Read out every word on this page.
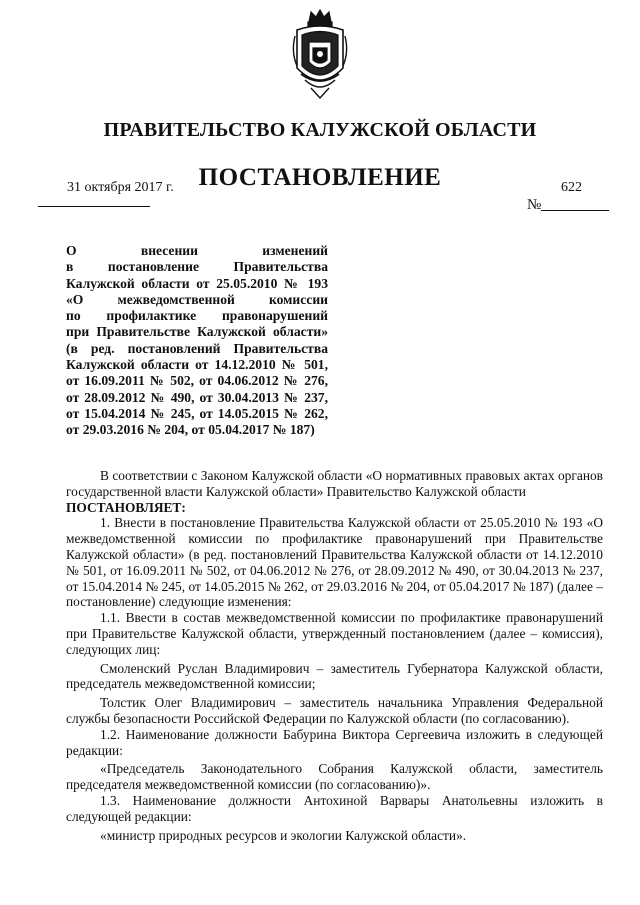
ПРАВИТЕЛЬСТВО КАЛУЖСКОЙ ОБЛАСТИ
ПОСТАНОВЛЕНИЕ
31 октября 2017 г.	622
№
О внесении изменений
в постановление Правительства
Калужской области от 25.05.2010 № 193
«О межведомственной комиссии
по профилактике правонарушений
при Правительстве Калужской области»
(в ред. постановлений Правительства
Калужской области от 14.12.2010 № 501,
от 16.09.2011 № 502, от 04.06.2012 № 276,
от 28.09.2012 № 490, от 30.04.2013 № 237,
от 15.04.2014 № 245, от 14.05.2015 № 262,
от 29.03.2016 № 204, от 05.04.2017 № 187)

В соответствии с Законом Калужской области «О нормативных правовых актах органов государственной власти Калужской области» Правительство Калужской области

ПОСТАНОВЛЯЕТ:

1. Внести в постановление Правительства Калужской области от 25.05.2010 № 193 «О межведомственной комиссии по профилактике правонарушений при Правительстве Калужской области» (в ред. постановлений Правительства Калужской области от 14.12.2010 № 501, от 16.09.2011 № 502, от 04.06.2012 № 276, от 28.09.2012 № 490, от 30.04.2013 № 237, от 15.04.2014 № 245, от 14.05.2015 № 262, от 29.03.2016 № 204, от 05.04.2017 № 187) (далее – постановление) следующие изменения:

1.1. Ввести в состав межведомственной комиссии по профилактике правонарушений при Правительстве Калужской области, утвержденный постановлением (далее – комиссия), следующих лиц:

Смоленский Руслан Владимирович – заместитель Губернатора Калужской области, председатель межведомственной комиссии;

Толстик Олег Владимирович – заместитель начальника Управления Федеральной службы безопасности Российской Федерации по Калужской области (по согласованию).

1.2. Наименование должности Бабурина Виктора Сергеевича изложить в следующей редакции:

«Председатель Законодательного Собрания Калужской области, заместитель председателя межведомственной комиссии (по согласованию)».

1.3. Наименование должности Антохиной Варвары Анатольевны изложить в следующей редакции:

«министр природных ресурсов и экологии Калужской области».
